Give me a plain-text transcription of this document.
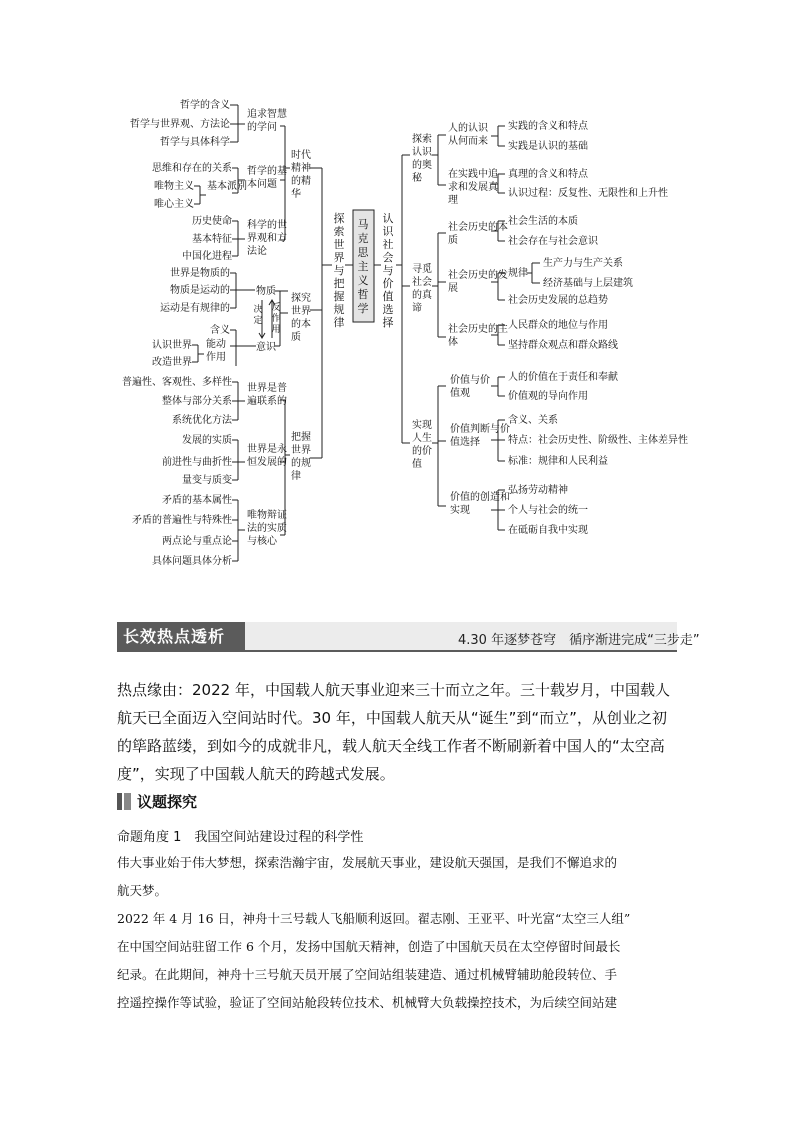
马克思主义哲学
探索世界与把握规律
认识社会与价值选择
决定
反作用
哲学的含义
哲学与世界观、方法论
哲学与具体科学
思维和存在的关系
唯物主义
唯心主义
基本派别
历史使命
基本特征
中国化进程
世界是物质的
物质是运动的
运动是有规律的
物质
意识
含义
认识世界
改造世界
普遍性、客观性、多样性
整体与部分关系
系统优化方法
发展的实质
前进性与曲折性
量变与质变
矛盾的基本属性
矛盾的普遍性与特殊性
两点论与重点论
具体问题具体分析
实践的含义和特点
实践是认识的基础
真理的含义和特点
认识过程：反复性、无限性和上升性
社会生活的本质
社会存在与社会意识
规律
生产力与生产关系
经济基础与上层建筑
社会历史发展的总趋势
人民群众的地位与作用
坚持群众观点和群众路线
人的价值在于责任和奉献
价值观的导向作用
含义、关系
特点：社会历史性、阶级性、主体差异性
标准：规律和人民利益
弘扬劳动精神
个人与社会的统一
在砥砺自我中实现
追求智慧的学问
哲学的基本问题
科学的世界观和方法论
时代精神的精华
探究世界的本质
世界是普遍联系的
世界是永恒发展的
唯物辩证法的实质与核心
把握世界的规律
能动作用
探索认识的奥秘
寻觅社会的真谛
实现人生的价值
人的认识从何而来
在实践中追求和发展真理
社会历史的本质
社会历史的发展
社会历史的主体
价值与价值观
价值判断与价值选择
价值的创造和实现
长效热点透析	4.30 年逐梦苍穹　循序渐进完成“三步走”
热点缘由：2022 年，中国载人航天事业迎来三十而立之年。三十载岁月，中国载人航天已全面迈入空间站时代。30 年，中国载人航天从“诞生”到“而立”，从创业之初的筚路蓝缕，到如今的成就非凡，载人航天全线工作者不断刷新着中国人的“太空高度”，实现了中国载人航天的跨越式发展。
议题探究
命题角度 1　我国空间站建设过程的科学性
伟大事业始于伟大梦想，探索浩瀚宇宙，发展航天事业，建设航天强国，是我们不懈追求的
航天梦。
2022 年 4 月 16 日，神舟十三号载人飞船顺利返回。翟志刚、王亚平、叶光富“太空三人组”
在中国空间站驻留工作 6 个月，发扬中国航天精神，创造了中国航天员在太空停留时间最长
纪录。在此期间，神舟十三号航天员开展了空间站组装建造、通过机械臂辅助舱段转位、手
控遥控操作等试验，验证了空间站舱段转位技术、机械臂大负载操控技术，为后续空间站建
